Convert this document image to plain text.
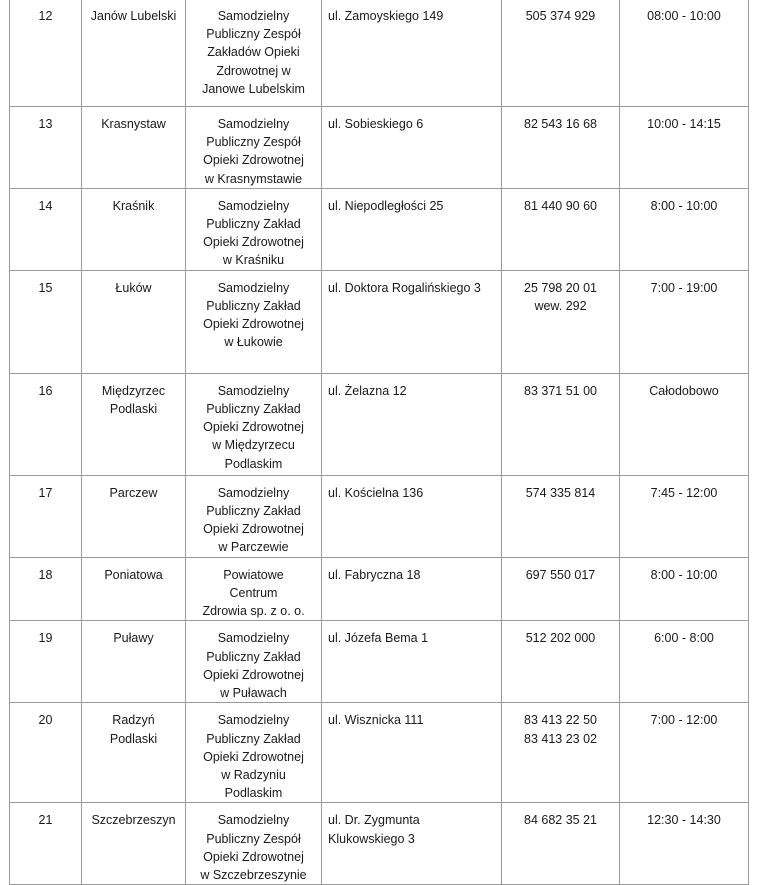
12	Janów Lubelski	Samodzielny
Publiczny Zespół
Zakładów Opieki
Zdrowotnej w
Janowe Lubelskim	ul. Zamoyskiego 149	505 374 929	08:00 - 10:00

13	Krasnystaw	Samodzielny
Publiczny Zespół
Opieki Zdrowotnej
w Krasnymstawie	ul. Sobieskiego 6	82 543 16 68	10:00 - 14:15

14	Kraśnik	Samodzielny
Publiczny Zakład
Opieki Zdrowotnej
w Kraśniku	ul. Niepodległości 25	81 440 90 60	8:00 - 10:00

15	Łuków	Samodzielny
Publiczny Zakład
Opieki Zdrowotnej
w Łukowie	ul. Doktora Rogalińskiego 3	25 798 20 01
wew. 292	7:00 - 19:00

16	Międzyrzec
Podlaski	Samodzielny
Publiczny Zakład
Opieki Zdrowotnej
w Międzyrzecu
Podlaskim	ul. Żelazna 12	83 371 51 00	Całodobowo

17	Parczew	Samodzielny
Publiczny Zakład
Opieki Zdrowotnej
w Parczewie	ul. Kościelna 136	574 335 814	7:45 - 12:00

18	Poniatowa	Powiatowe
Centrum
Zdrowia sp. z o. o.	ul. Fabryczna 18	697 550 017	8:00 - 10:00

19	Puławy	Samodzielny
Publiczny Zakład
Opieki Zdrowotnej
w Puławach	ul. Józefa Bema 1	512 202 000	6:00 - 8:00

20	Radzyń
Podlaski	Samodzielny
Publiczny Zakład
Opieki Zdrowotnej
w Radzyniu
Podlaskim	ul. Wisznicka 111	83 413 22 50
83 413 23 02	7:00 - 12:00

21	Szczebrzeszyn	Samodzielny
Publiczny Zespół
Opieki Zdrowotnej
w Szczebrzeszynie	ul. Dr. Zygmunta
Klukowskiego 3	84 682 35 21	12:30 - 14:30
